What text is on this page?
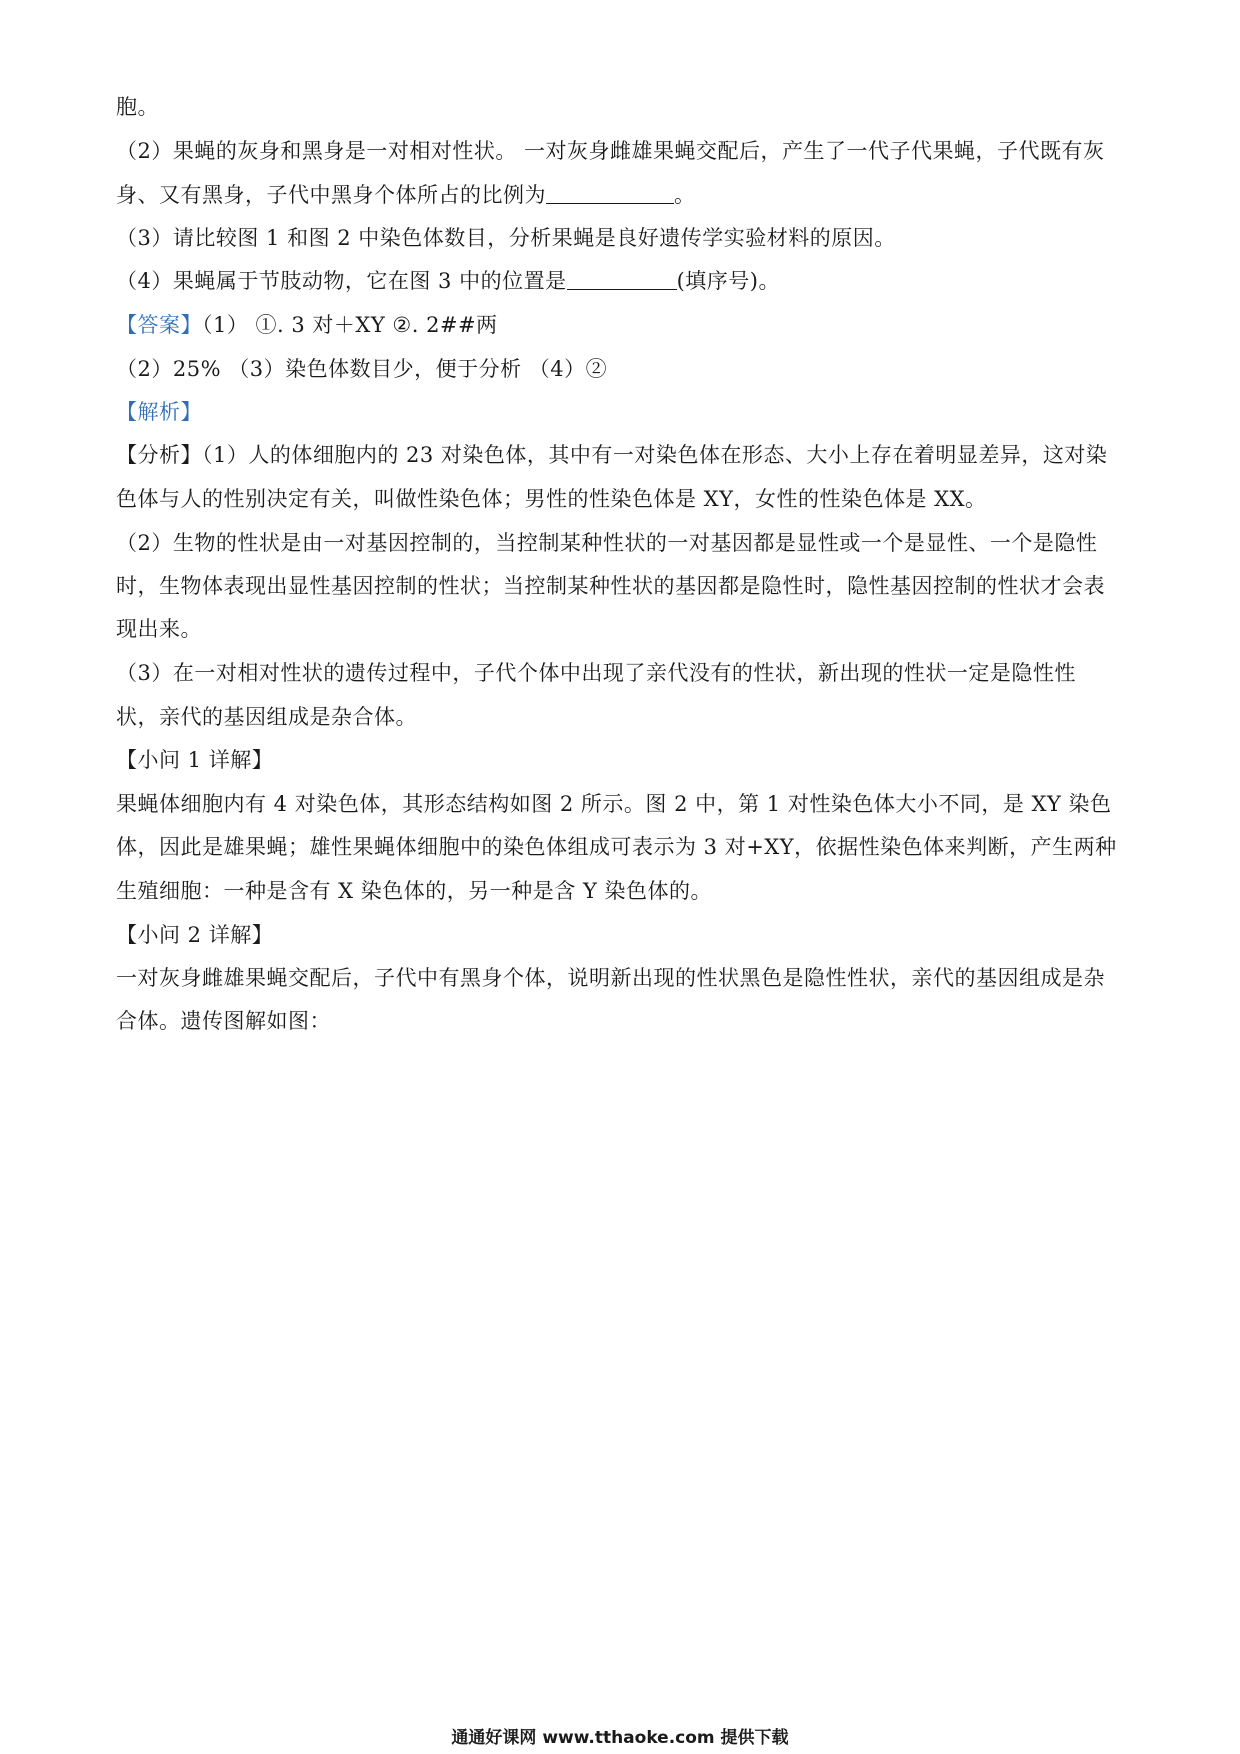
胞。
（2）果蝇的灰身和黑身是一对相对性状。 一对灰身雌雄果蝇交配后，产生了一代子代果蝇，子代既有灰
身、又有黑身，子代中黑身个体所占的比例为	。
（3）请比较图 1 和图 2 中染色体数目，分析果蝇是良好遗传学实验材料的原因。
（4）果蝇属于节肢动物，它在图 3 中的位置是	(填序号)。
【答案】（1） ①. 3 对＋XY ②. 2##两
（2）25% （3）染色体数目少，便于分析 （4）②
【解析】
【分析】（1）人的体细胞内的 23 对染色体，其中有一对染色体在形态、大小上存在着明显差异，这对染
色体与人的性别决定有关，叫做性染色体；男性的性染色体是 XY，女性的性染色体是 XX。
（2）生物的性状是由一对基因控制的，当控制某种性状的一对基因都是显性或一个是显性、一个是隐性
时，生物体表现出显性基因控制的性状；当控制某种性状的基因都是隐性时，隐性基因控制的性状才会表
现出来。
（3）在一对相对性状的遗传过程中，子代个体中出现了亲代没有的性状，新出现的性状一定是隐性性
状，亲代的基因组成是杂合体。
【小问 1 详解】
果蝇体细胞内有 4 对染色体，其形态结构如图 2 所示。图 2 中，第 1 对性染色体大小不同，是 XY 染色
体，因此是雄果蝇；雄性果蝇体细胞中的染色体组成可表示为 3 对+XY，依据性染色体来判断，产生两种
生殖细胞：一种是含有 X 染色体的，另一种是含 Y 染色体的。
【小问 2 详解】
一对灰身雌雄果蝇交配后，子代中有黑身个体，说明新出现的性状黑色是隐性性状，亲代的基因组成是杂
合体。遗传图解如图：
通通好课网 www.tthaoke.com 提供下载
